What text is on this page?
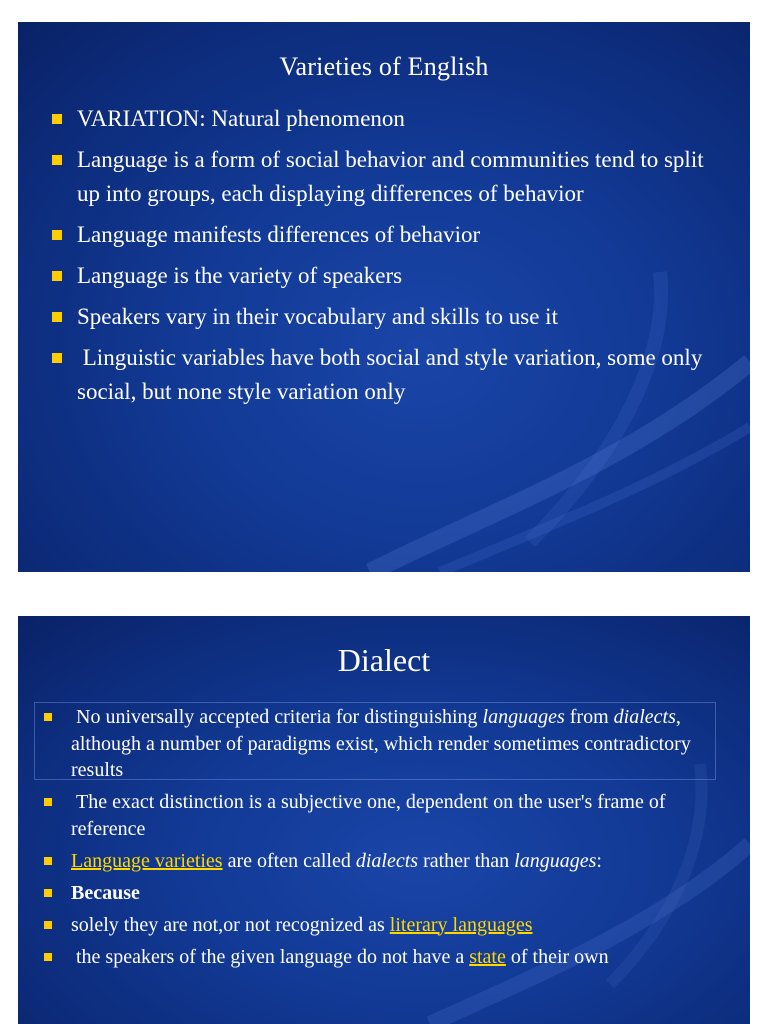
Varieties of English
VARIATION: Natural phenomenon
Language is a form of social behavior and communities tend to split up into groups, each displaying differences of behavior
Language manifests differences of behavior
Language is the variety of speakers
Speakers vary in their vocabulary and skills to use it
Linguistic variables have both social and style variation, some only social, but none style variation only
Dialect
No universally accepted criteria for distinguishing languages from dialects, although a number of paradigms exist, which render sometimes contradictory results
The exact distinction is a subjective one, dependent on the user's frame of reference
Language varieties are often called dialects rather than languages:
Because
solely they are not,or not recognized as literary languages
the speakers of the given language do not have a state of their own
